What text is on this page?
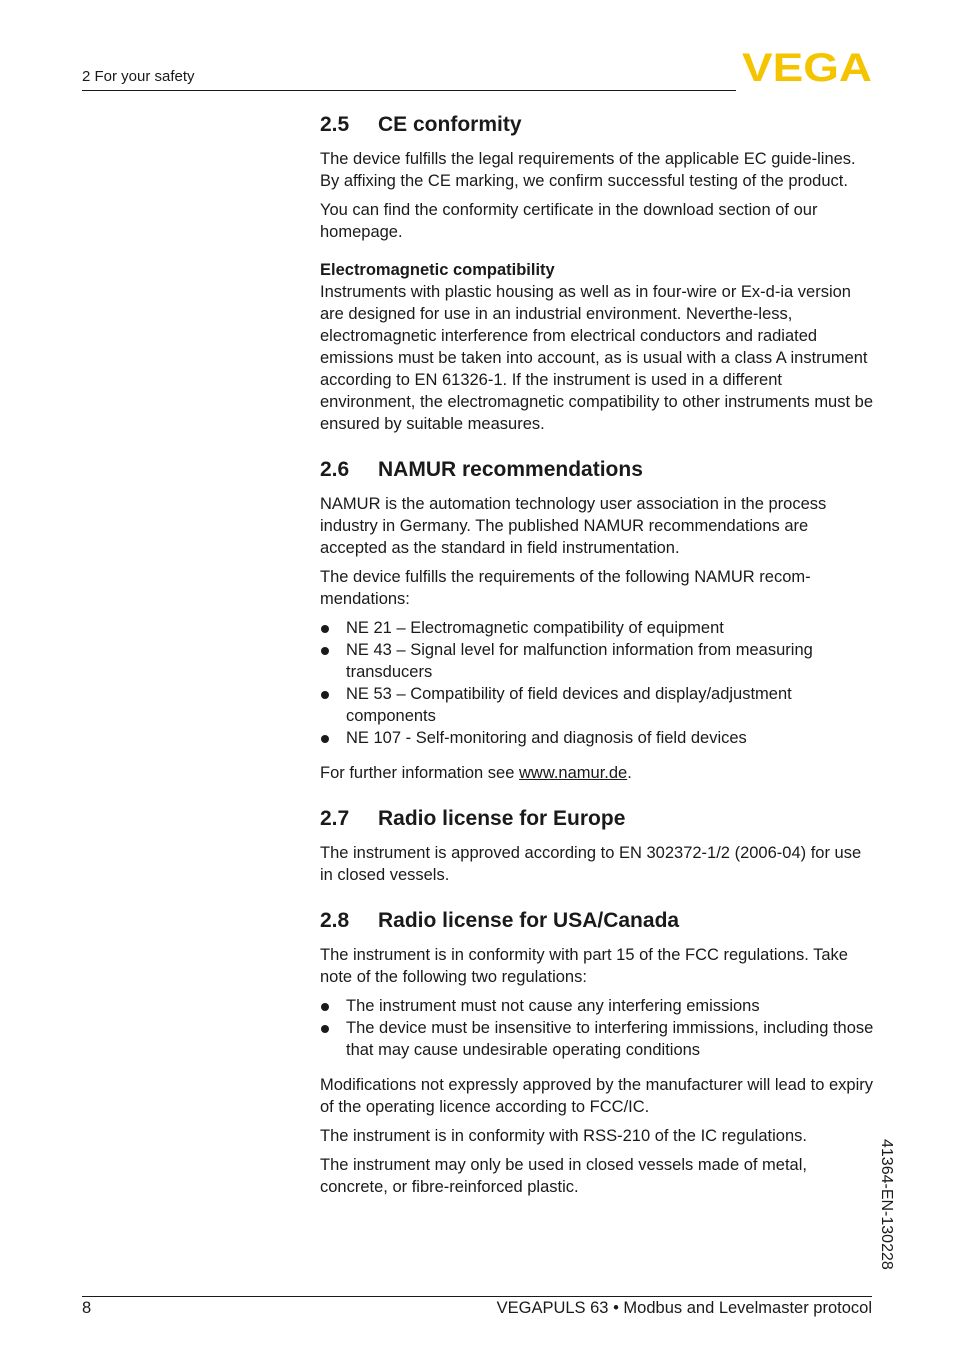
2 For your safety	VEGA
2.5 CE conformity

The device fulfills the legal requirements of the applicable EC guide-lines. By affixing the CE marking, we confirm successful testing of the product.

You can find the conformity certificate in the download section of our homepage.

Electromagnetic compatibility

Instruments with plastic housing as well as in four-wire or Ex-d-ia version are designed for use in an industrial environment. Neverthe-less, electromagnetic interference from electrical conductors and radiated emissions must be taken into account, as is usual with a class A instrument according to EN 61326-1. If the instrument is used in a different environment, the electromagnetic compatibility to other instruments must be ensured by suitable measures.

2.6 NAMUR recommendations

NAMUR is the automation technology user association in the process industry in Germany. The published NAMUR recommendations are accepted as the standard in field instrumentation.

The device fulfills the requirements of the following NAMUR recom-mendations:

NE 21 – Electromagnetic compatibility of equipment
NE 43 – Signal level for malfunction information from measuring transducers
NE 53 – Compatibility of field devices and display/adjustment components
NE 107 - Self-monitoring and diagnosis of field devices

For further information see www.namur.de.

2.7 Radio license for Europe

The instrument is approved according to EN 302372-1/2 (2006-04) for use in closed vessels.

2.8 Radio license for USA/Canada

The instrument is in conformity with part 15 of the FCC regulations. Take note of the following two regulations:

The instrument must not cause any interfering emissions
The device must be insensitive to interfering immissions, including those that may cause undesirable operating conditions

Modifications not expressly approved by the manufacturer will lead to expiry of the operating licence according to FCC/IC.

The instrument is in conformity with RSS-210 of the IC regulations.

The instrument may only be used in closed vessels made of metal, concrete, or fibre-reinforced plastic.	41364-EN-130228
8	VEGAPULS 63 • Modbus and Levelmaster protocol
